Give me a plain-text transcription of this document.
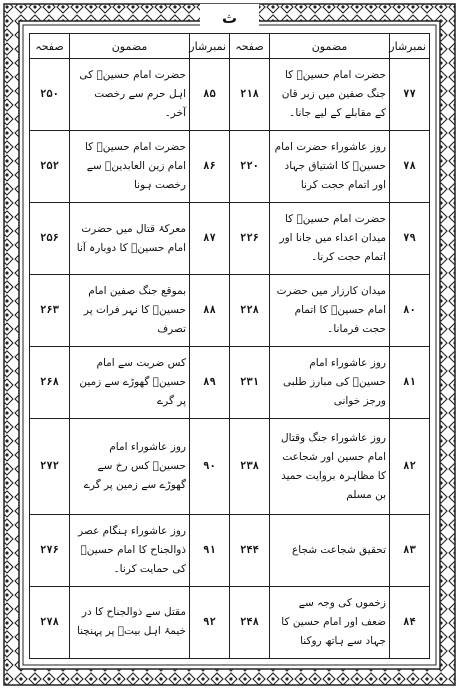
ث
نمبرشار	مضمون	صفحہ	نمبرشار	مضمون	صفحہ
۷۷	حضرت امام حسینؑ کا جنگ صفین میں زبر قان کے مقابلے کے لیے جانا۔	۲۱۸	۸۵	حضرت امام حسینؑ کی اہل حرم سے رخصت آخر۔	۲۵۰
۷۸	روز عاشوراء حضرت امام حسینؑ کا اشتیاق جہاد اور اتمام حجت کرنا	۲۲۰	۸۶	حضرت امام حسینؑ کا امام زین العابدینؑ سے رخصت ہونا	۲۵۲
۷۹	حضرت امام حسینؑ کا میدان اعداء میں جانا اور اتمام حجت کرنا۔	۲۲۶	۸۷	معرکۂ قتال میں حضرت امام حسینؑ کا دوبارہ آنا	۲۵۶
۸۰	میدان کارزار میں حضرت امام حسینؑ کا اتمام حجت فرمانا۔	۲۲۸	۸۸	بموقع جنگ صفین امام حسینؑ کا نہر فرات پر تصرف	۲۶۳
۸۱	روز عاشوراء امام حسینؑ کی مبارز طلبی ورجز خوانی	۲۳۱	۸۹	کس ضربت سے امام حسینؑ گھوڑے سے زمین پر گرے	۲۶۸
۸۲	روز عاشوراء جنگ وقتال امام حسین اور شجاعت کا مظاہرہ بروایت حمید بن مسلم	۲۳۸	۹۰	روز عاشوراء امام حسینؑ کس رخ سے گھوڑے سے زمین پر گرے	۲۷۲
۸۳	تحقیق شجاعت شجاع	۲۴۴	۹۱	روز عاشوراء ہنگام عصر ذوالجناح کا امام حسینؑ کی حمایت کرنا۔	۲۷۶
۸۴	زخموں کی وجہ سے ضعف اور امام حسین کا جہاد سے ہاتھ روکنا	۲۴۸	۹۲	مقتل سے ذوالجناح کا در خیمۂ اہل بیتؑ پر پہنچنا	۲۷۸
